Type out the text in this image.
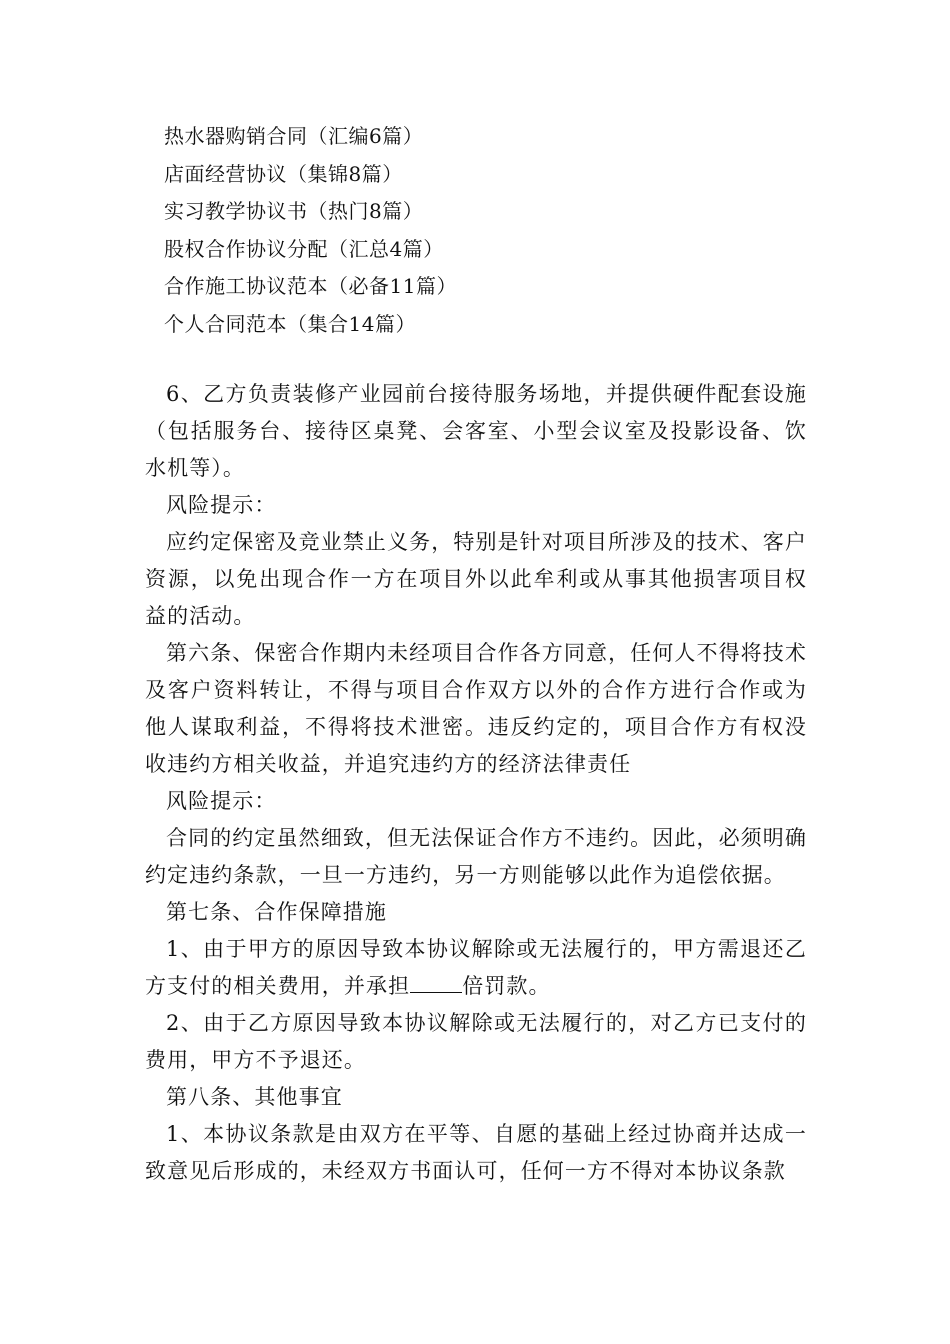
热水器购销合同（汇编6篇）
店面经营协议（集锦8篇）
实习教学协议书（热门8篇）
股权合作协议分配（汇总4篇）
合作施工协议范本（必备11篇）
个人合同范本（集合14篇）

6、乙方负责装修产业园前台接待服务场地，并提供硬件配套设施（包括服务台、接待区桌凳、会客室、小型会议室及投影设备、饮水机等）。

风险提示：

应约定保密及竞业禁止义务，特别是针对项目所涉及的技术、客户资源，以免出现合作一方在项目外以此牟利或从事其他损害项目权益的活动。

第六条、保密合作期内未经项目合作各方同意，任何人不得将技术及客户资料转让，不得与项目合作双方以外的合作方进行合作或为他人谋取利益，不得将技术泄密。违反约定的，项目合作方有权没收违约方相关收益，并追究违约方的经济法律责任

风险提示：

合同的约定虽然细致，但无法保证合作方不违约。因此，必须明确约定违约条款，一旦一方违约，另一方则能够以此作为追偿依据。

第七条、合作保障措施

1、由于甲方的原因导致本协议解除或无法履行的，甲方需退还乙方支付的相关费用，并承担 倍罚款。

2、由于乙方原因导致本协议解除或无法履行的，对乙方已支付的费用，甲方不予退还。

第八条、其他事宜

1、本协议条款是由双方在平等、自愿的基础上经过协商并达成一致意见后形成的，未经双方书面认可，任何一方不得对本协议条款
